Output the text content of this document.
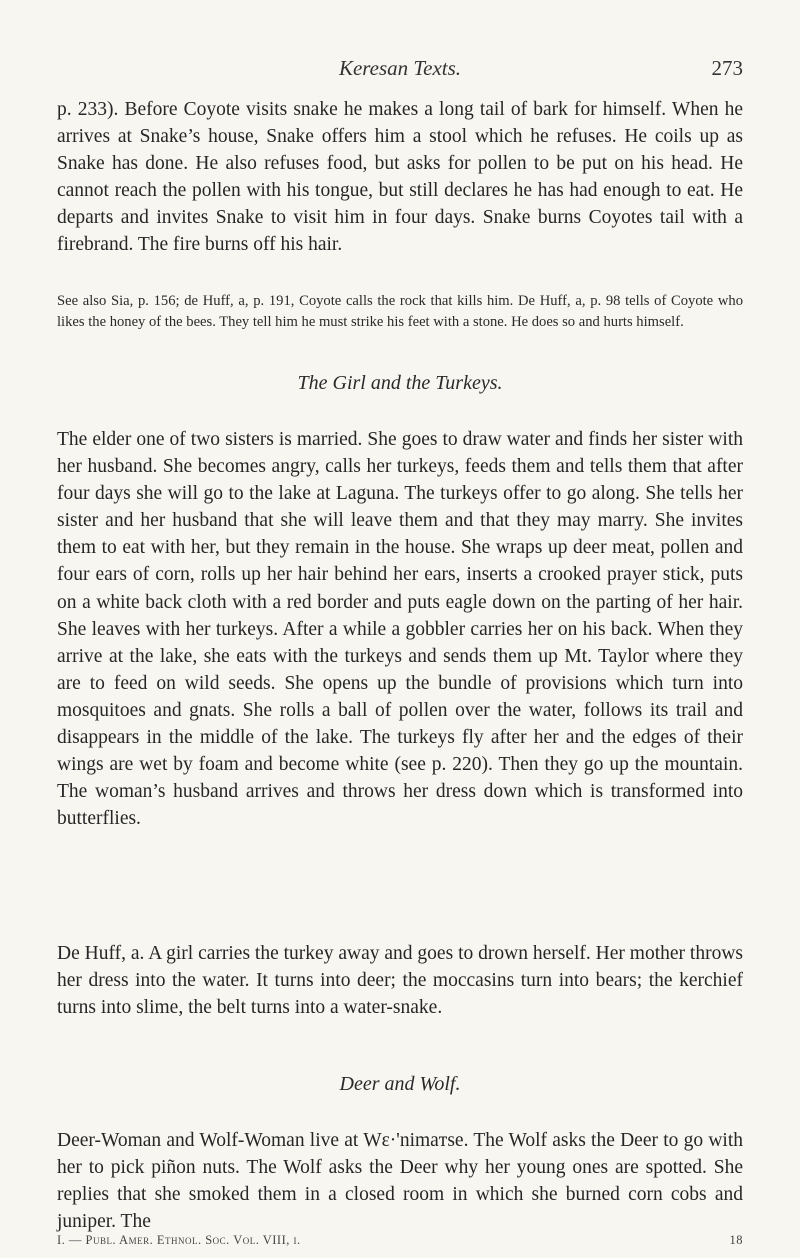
Keresan Texts.	273

p. 233). Before Coyote visits snake he makes a long tail of bark for himself. When he arrives at Snake’s house, Snake offers him a stool which he refuses. He coils up as Snake has done. He also refuses food, but asks for pollen to be put on his head. He cannot reach the pollen with his tongue, but still declares he has had enough to eat. He departs and invites Snake to visit him in four days. Snake burns Coyotes tail with a firebrand. The fire burns off his hair.

See also Sia, p. 156; de Huff, a, p. 191, Coyote calls the rock that kills him. De Huff, a, p. 98 tells of Coyote who likes the honey of the bees. They tell him he must strike his feet with a stone. He does so and hurts himself.

The Girl and the Turkeys.

The elder one of two sisters is married. She goes to draw water and finds her sister with her husband. She becomes angry, calls her turkeys, feeds them and tells them that after four days she will go to the lake at Laguna. The turkeys offer to go along. She tells her sister and her husband that she will leave them and that they may marry. She invites them to eat with her, but they remain in the house. She wraps up deer meat, pollen and four ears of corn, rolls up her hair behind her ears, inserts a crooked prayer stick, puts on a white back cloth with a red border and puts eagle down on the parting of her hair. She leaves with her turkeys. After a while a gobbler carries her on his back. When they arrive at the lake, she eats with the turkeys and sends them up Mt. Taylor where they are to feed on wild seeds. She opens up the bundle of provisions which turn into mosquitoes and gnats. She rolls a ball of pollen over the water, follows its trail and disappears in the middle of the lake. The turkeys fly after her and the edges of their wings are wet by foam and become white (see p. 220). Then they go up the mountain. The woman’s husband arrives and throws her dress down which is transformed into butterflies.

De Huff, a. A girl carries the turkey away and goes to drown herself. Her mother throws her dress into the water. It turns into deer; the moccasins turn into bears; the kerchief turns into slime, the belt turns into a water-snake.

Deer and Wolf.

Deer-Woman and Wolf-Woman live at Wɛ·'nimaᴛse. The Wolf asks the Deer to go with her to pick piñon nuts. The Wolf asks the Deer why her young ones are spotted. She replies that she smoked them in a closed room in which she burned corn cobs and juniper. The

I. — Publ. Amer. Ethnol. Soc. Vol. VIII, i.	18
